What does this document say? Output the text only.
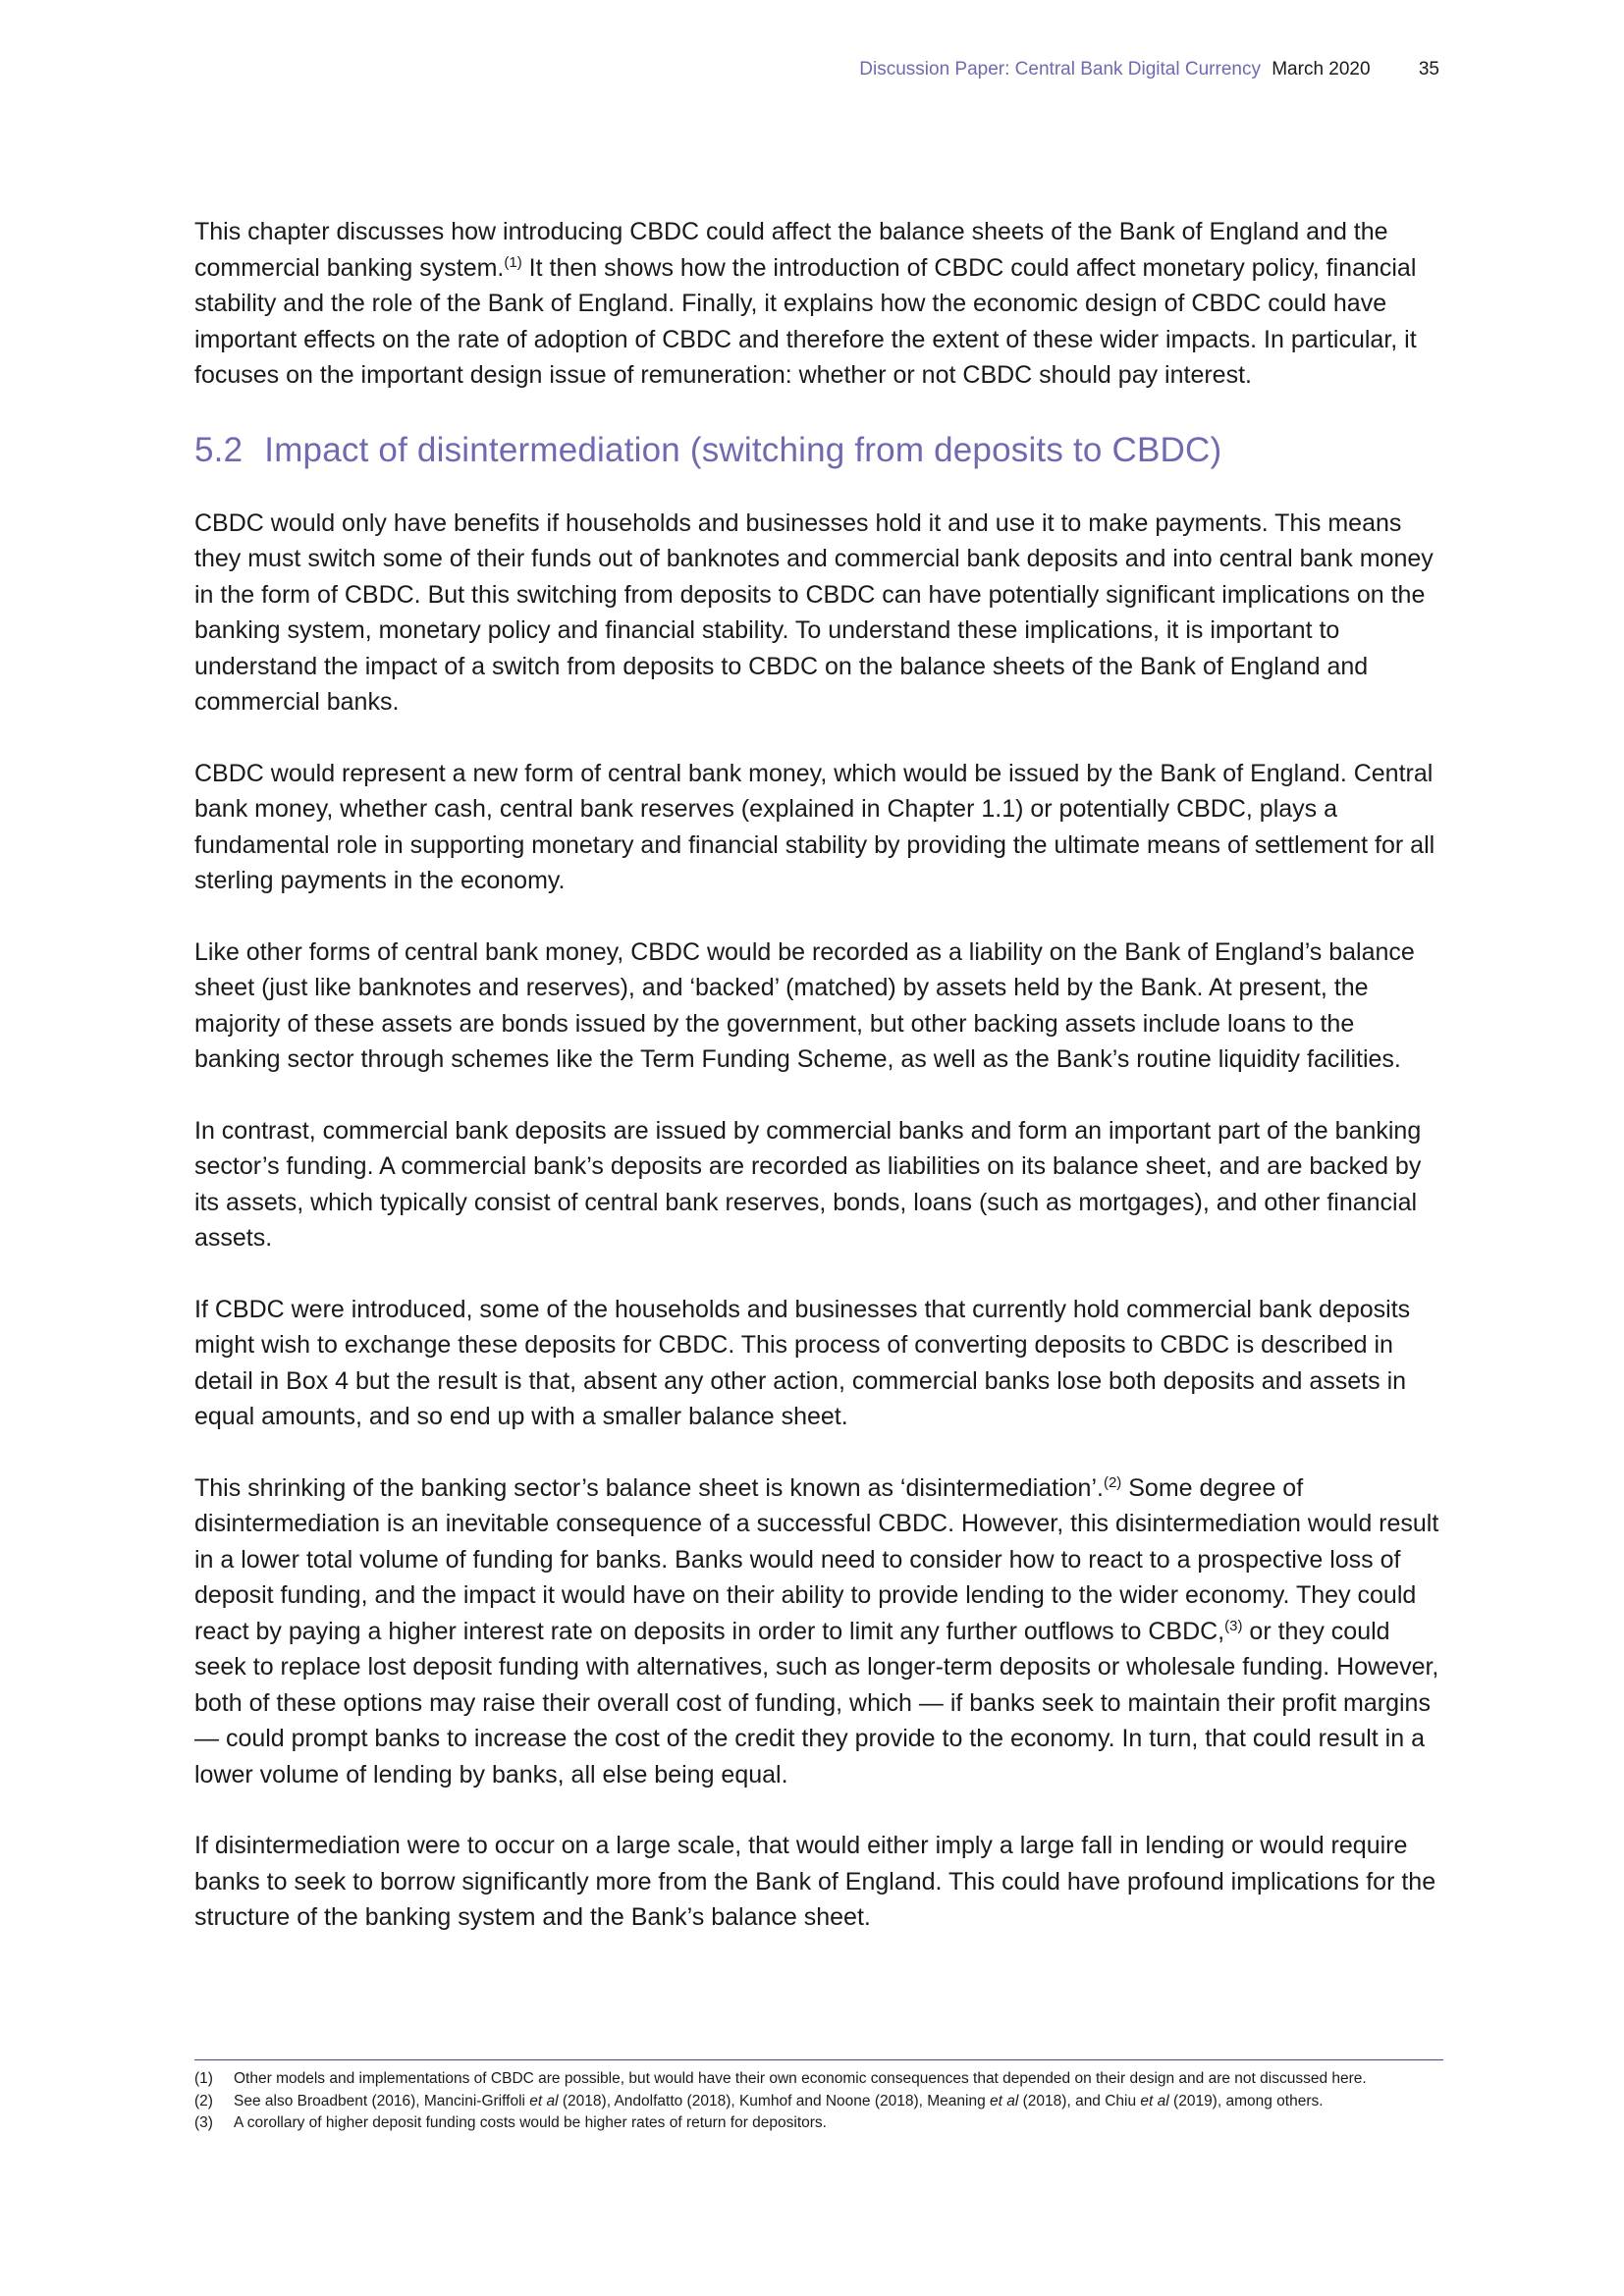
Discussion Paper: Central Bank Digital Currency March 2020	35

This chapter discusses how introducing CBDC could affect the balance sheets of the Bank of England and the commercial banking system.$^{(1)}$ It then shows how the introduction of CBDC could affect monetary policy, financial stability and the role of the Bank of England. Finally, it explains how the economic design of CBDC could have important effects on the rate of adoption of CBDC and therefore the extent of these wider impacts. In particular, it focuses on the important design issue of remuneration: whether or not CBDC should pay interest.

5.2 Impact of disintermediation (switching from deposits to CBDC)

CBDC would only have benefits if households and businesses hold it and use it to make payments. This means they must switch some of their funds out of banknotes and commercial bank deposits and into central bank money in the form of CBDC. But this switching from deposits to CBDC can have potentially significant implications on the banking system, monetary policy and financial stability. To understand these implications, it is important to understand the impact of a switch from deposits to CBDC on the balance sheets of the Bank of England and commercial banks.

CBDC would represent a new form of central bank money, which would be issued by the Bank of England. Central bank money, whether cash, central bank reserves (explained in Chapter 1.1) or potentially CBDC, plays a fundamental role in supporting monetary and financial stability by providing the ultimate means of settlement for all sterling payments in the economy.

Like other forms of central bank money, CBDC would be recorded as a liability on the Bank of England’s balance sheet (just like banknotes and reserves), and ‘backed’ (matched) by assets held by the Bank. At present, the majority of these assets are bonds issued by the government, but other backing assets include loans to the banking sector through schemes like the Term Funding Scheme, as well as the Bank’s routine liquidity facilities.

In contrast, commercial bank deposits are issued by commercial banks and form an important part of the banking sector’s funding. A commercial bank’s deposits are recorded as liabilities on its balance sheet, and are backed by its assets, which typically consist of central bank reserves, bonds, loans (such as mortgages), and other financial assets.

If CBDC were introduced, some of the households and businesses that currently hold commercial bank deposits might wish to exchange these deposits for CBDC. This process of converting deposits to CBDC is described in detail in Box 4 but the result is that, absent any other action, commercial banks lose both deposits and assets in equal amounts, and so end up with a smaller balance sheet.

This shrinking of the banking sector’s balance sheet is known as ‘disintermediation’.$^{(2)}$ Some degree of disintermediation is an inevitable consequence of a successful CBDC. However, this disintermediation would result in a lower total volume of funding for banks. Banks would need to consider how to react to a prospective loss of deposit funding, and the impact it would have on their ability to provide lending to the wider economy. They could react by paying a higher interest rate on deposits in order to limit any further outflows to CBDC,$^{(3)}$ or they could seek to replace lost deposit funding with alternatives, such as longer-term deposits or wholesale funding. However, both of these options may raise their overall cost of funding, which — if banks seek to maintain their profit margins — could prompt banks to increase the cost of the credit they provide to the economy. In turn, that could result in a lower volume of lending by banks, all else being equal.

If disintermediation were to occur on a large scale, that would either imply a large fall in lending or would require banks to seek to borrow significantly more from the Bank of England. This could have profound implications for the structure of the banking system and the Bank’s balance sheet.

(1)	Other models and implementations of CBDC are possible, but would have their own economic consequences that depended on their design and are not discussed here.
(2)	See also Broadbent (2016), Mancini-Griffoli et al (2018), Andolfatto (2018), Kumhof and Noone (2018), Meaning et al (2018), and Chiu et al (2019), among others.
(3)	A corollary of higher deposit funding costs would be higher rates of return for depositors.
